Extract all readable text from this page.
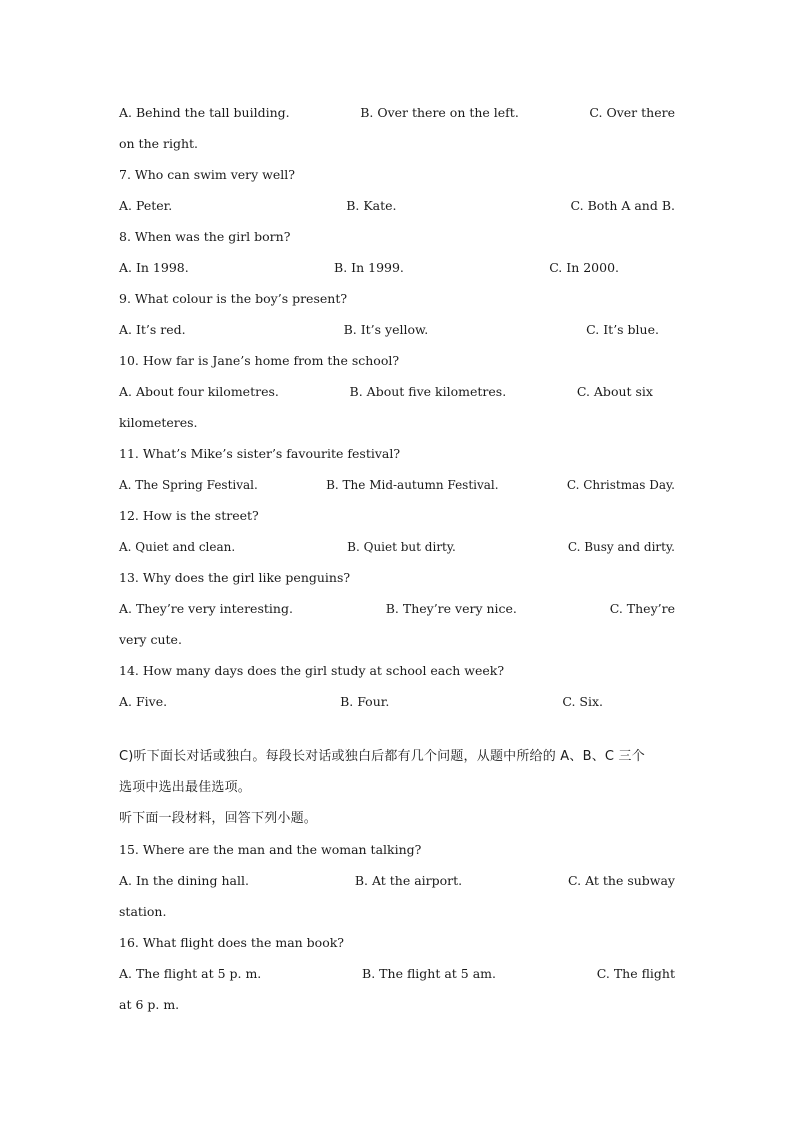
A. Behind the tall building.	B. Over there on the left.	C. Over there
on the right.
7. Who can swim very well?
A. Peter.	B. Kate.	C. Both A and B.
8. When was the girl born?
A. In 1998.	B. In 1999.	C. In 2000.
9. What colour is the boy’s present?
A. It’s red.	B. It’s yellow.	C. It’s blue.
10. How far is Jane’s home from the school?
A. About four kilometres.	B. About five kilometres.	C. About six
kilometeres.
11. What’s Mike’s sister’s favourite festival?
A. The Spring Festival.	B. The Mid-autumn Festival.	C. Christmas Day.
12. How is the street?
A. Quiet and clean.	B. Quiet but dirty.	C. Busy and dirty.
13. Why does the girl like penguins?
A. They’re very interesting.	B. They’re very nice.	C. They’re
very cute.
14. How many days does the girl study at school each week?
A. Five.	B. Four.	C. Six.
C)听下面长对话或独白。每段长对话或独白后都有几个问题，从题中所给的 A、B、C 三个
选项中选出最佳选项。
听下面一段材料，回答下列小题。
15. Where are the man and the woman talking?
A. In the dining hall.	B. At the airport.	C. At the subway
station.
16. What flight does the man book?
A. The flight at 5 p. m.	B. The flight at 5 am.	C. The flight
at 6 p. m.
